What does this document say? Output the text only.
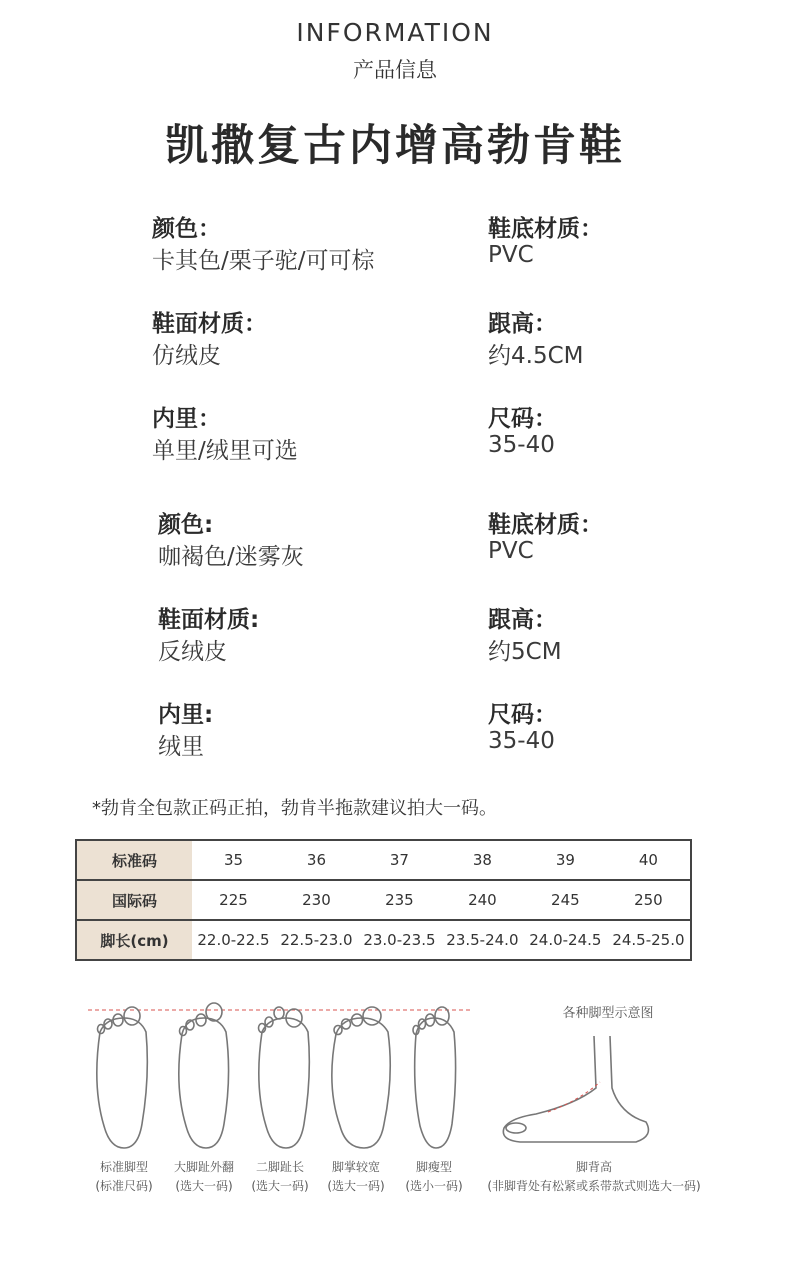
INFORMATION
产品信息
凯撒复古内增高勃肯鞋
颜色：
卡其色/栗子驼/可可棕
鞋底材质：
PVC
鞋面材质：
仿绒皮
跟高：
约4.5CM
内里：
单里/绒里可选
尺码：
35-40
颜色:
咖褐色/迷雾灰
鞋底材质：
PVC
鞋面材质:
反绒皮
跟高：
约5CM
内里:
绒里
尺码：
35-40
*勃肯全包款正码正拍，勃肯半拖款建议拍大一码。
标准码	35	36	37	38	39	40
国际码	225	230	235	240	245	250
脚长(cm)	22.0-22.5	22.5-23.0	23.0-23.5	23.5-24.0	24.0-24.5	24.5-25.0
各种脚型示意图
标准脚型
(标准尺码)
大脚趾外翻
(选大一码)
二脚趾长
(选大一码)
脚掌较宽
(选大一码)
脚瘦型
(选小一码)
脚背高
(非脚背处有松紧或系带款式则选大一码)
